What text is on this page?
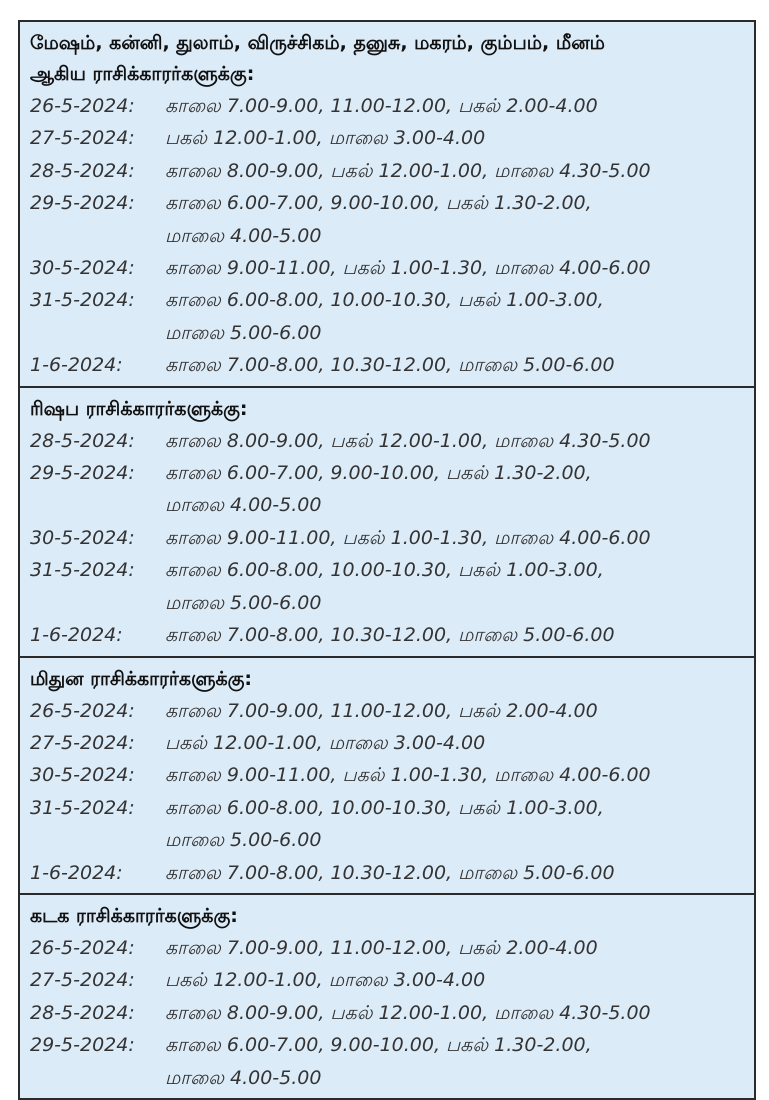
மேஷம், கன்னி, துலாம், விருச்சிகம், தனுசு, மகரம், கும்பம், மீனம்
ஆகிய ராசிக்காரர்களுக்கு:
26-5-2024:	காலை 7.00-9.00, 11.00-12.00, பகல் 2.00-4.00
27-5-2024:	பகல் 12.00-1.00, மாலை 3.00-4.00
28-5-2024:	காலை 8.00-9.00, பகல் 12.00-1.00, மாலை 4.30-5.00
29-5-2024:	காலை 6.00-7.00, 9.00-10.00, பகல் 1.30-2.00,
மாலை 4.00-5.00
30-5-2024:	காலை 9.00-11.00, பகல் 1.00-1.30, மாலை 4.00-6.00
31-5-2024:	காலை 6.00-8.00, 10.00-10.30, பகல் 1.00-3.00,
மாலை 5.00-6.00
1-6-2024:	காலை 7.00-8.00, 10.30-12.00, மாலை 5.00-6.00
ரிஷப ராசிக்காரர்களுக்கு:
28-5-2024:	காலை 8.00-9.00, பகல் 12.00-1.00, மாலை 4.30-5.00
29-5-2024:	காலை 6.00-7.00, 9.00-10.00, பகல் 1.30-2.00,
மாலை 4.00-5.00
30-5-2024:	காலை 9.00-11.00, பகல் 1.00-1.30, மாலை 4.00-6.00
31-5-2024:	காலை 6.00-8.00, 10.00-10.30, பகல் 1.00-3.00,
மாலை 5.00-6.00
1-6-2024:	காலை 7.00-8.00, 10.30-12.00, மாலை 5.00-6.00
மிதுன ராசிக்காரர்களுக்கு:
26-5-2024:	காலை 7.00-9.00, 11.00-12.00, பகல் 2.00-4.00
27-5-2024:	பகல் 12.00-1.00, மாலை 3.00-4.00
30-5-2024:	காலை 9.00-11.00, பகல் 1.00-1.30, மாலை 4.00-6.00
31-5-2024:	காலை 6.00-8.00, 10.00-10.30, பகல் 1.00-3.00,
மாலை 5.00-6.00
1-6-2024:	காலை 7.00-8.00, 10.30-12.00, மாலை 5.00-6.00
கடக ராசிக்காரர்களுக்கு:
26-5-2024:	காலை 7.00-9.00, 11.00-12.00, பகல் 2.00-4.00
27-5-2024:	பகல் 12.00-1.00, மாலை 3.00-4.00
28-5-2024:	காலை 8.00-9.00, பகல் 12.00-1.00, மாலை 4.30-5.00
29-5-2024:	காலை 6.00-7.00, 9.00-10.00, பகல் 1.30-2.00,
மாலை 4.00-5.00
